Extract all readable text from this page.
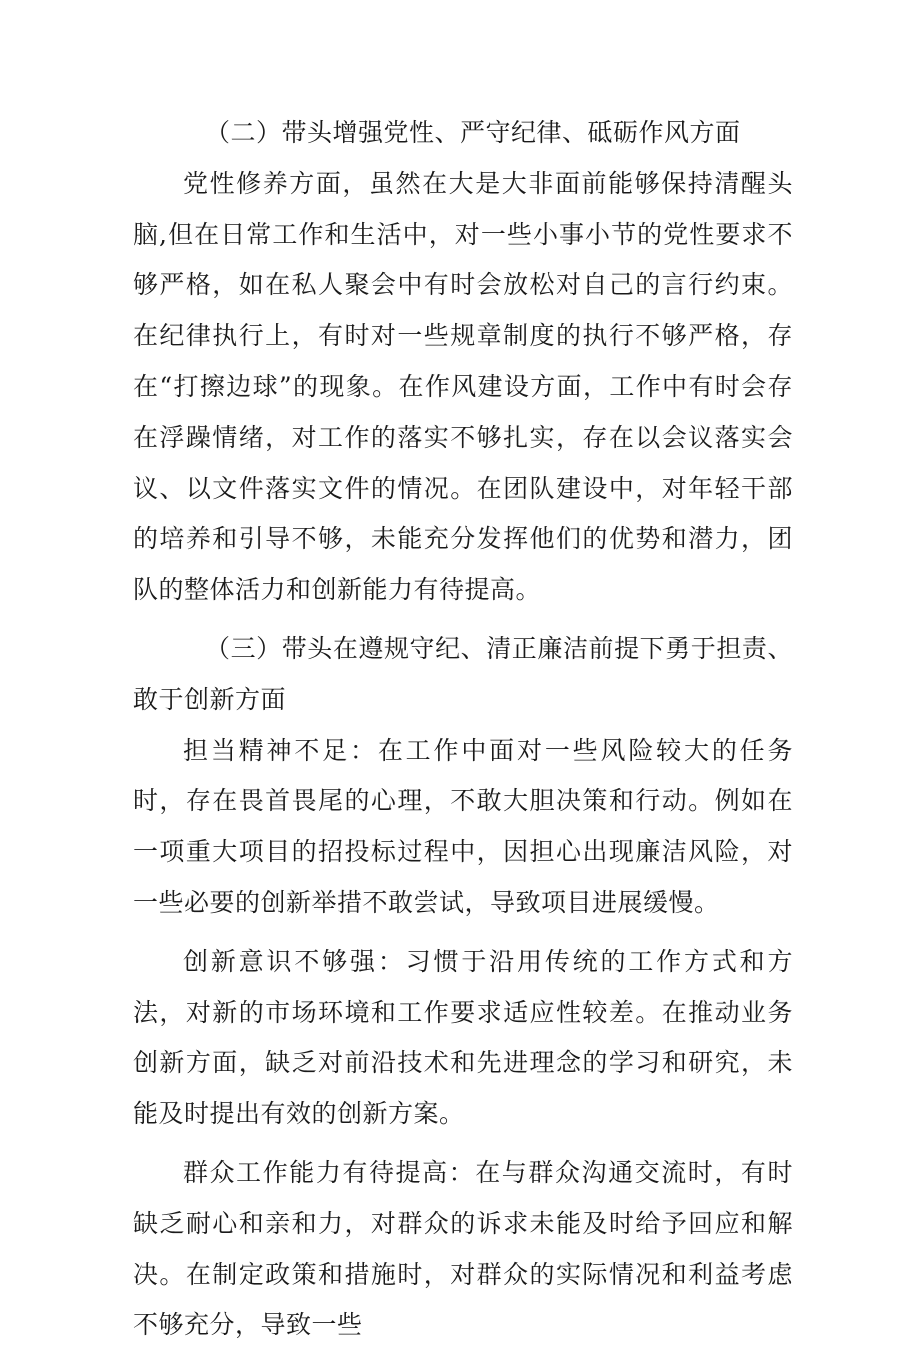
（二）带头增强党性、严守纪律、砥砺作风方面

党性修养方面，虽然在大是大非面前能够保持清醒头脑,但在日常工作和生活中，对一些小事小节的党性要求不够严格，如在私人聚会中有时会放松对自己的言行约束。在纪律执行上，有时对一些规章制度的执行不够严格，存在“打擦边球”的现象。在作风建设方面，工作中有时会存在浮躁情绪，对工作的落实不够扎实，存在以会议落实会议、以文件落实文件的情况。在团队建设中，对年轻干部的培养和引导不够，未能充分发挥他们的优势和潜力，团队的整体活力和创新能力有待提高。

（三）带头在遵规守纪、清正廉洁前提下勇于担责、敢于创新方面

担当精神不足：在工作中面对一些风险较大的任务时，存在畏首畏尾的心理，不敢大胆决策和行动。例如在一项重大项目的招投标过程中，因担心出现廉洁风险，对一些必要的创新举措不敢尝试，导致项目进展缓慢。

创新意识不够强：习惯于沿用传统的工作方式和方法，对新的市场环境和工作要求适应性较差。在推动业务创新方面，缺乏对前沿技术和先进理念的学习和研究，未能及时提出有效的创新方案。

群众工作能力有待提高：在与群众沟通交流时，有时缺乏耐心和亲和力，对群众的诉求未能及时给予回应和解决。在制定政策和措施时，对群众的实际情况和利益考虑不够充分，导致一些
